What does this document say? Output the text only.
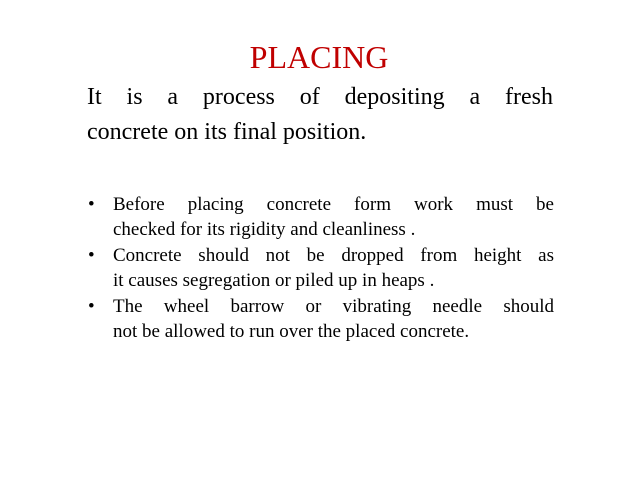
PLACING
It is a process of depositing a fresh
concrete on its final position.
• Before placing concrete form work must be
checked for its rigidity and cleanliness .
• Concrete should not be dropped from height as
it causes segregation or piled up in heaps .
• The wheel barrow or vibrating needle should
not be allowed to run over the placed concrete.
